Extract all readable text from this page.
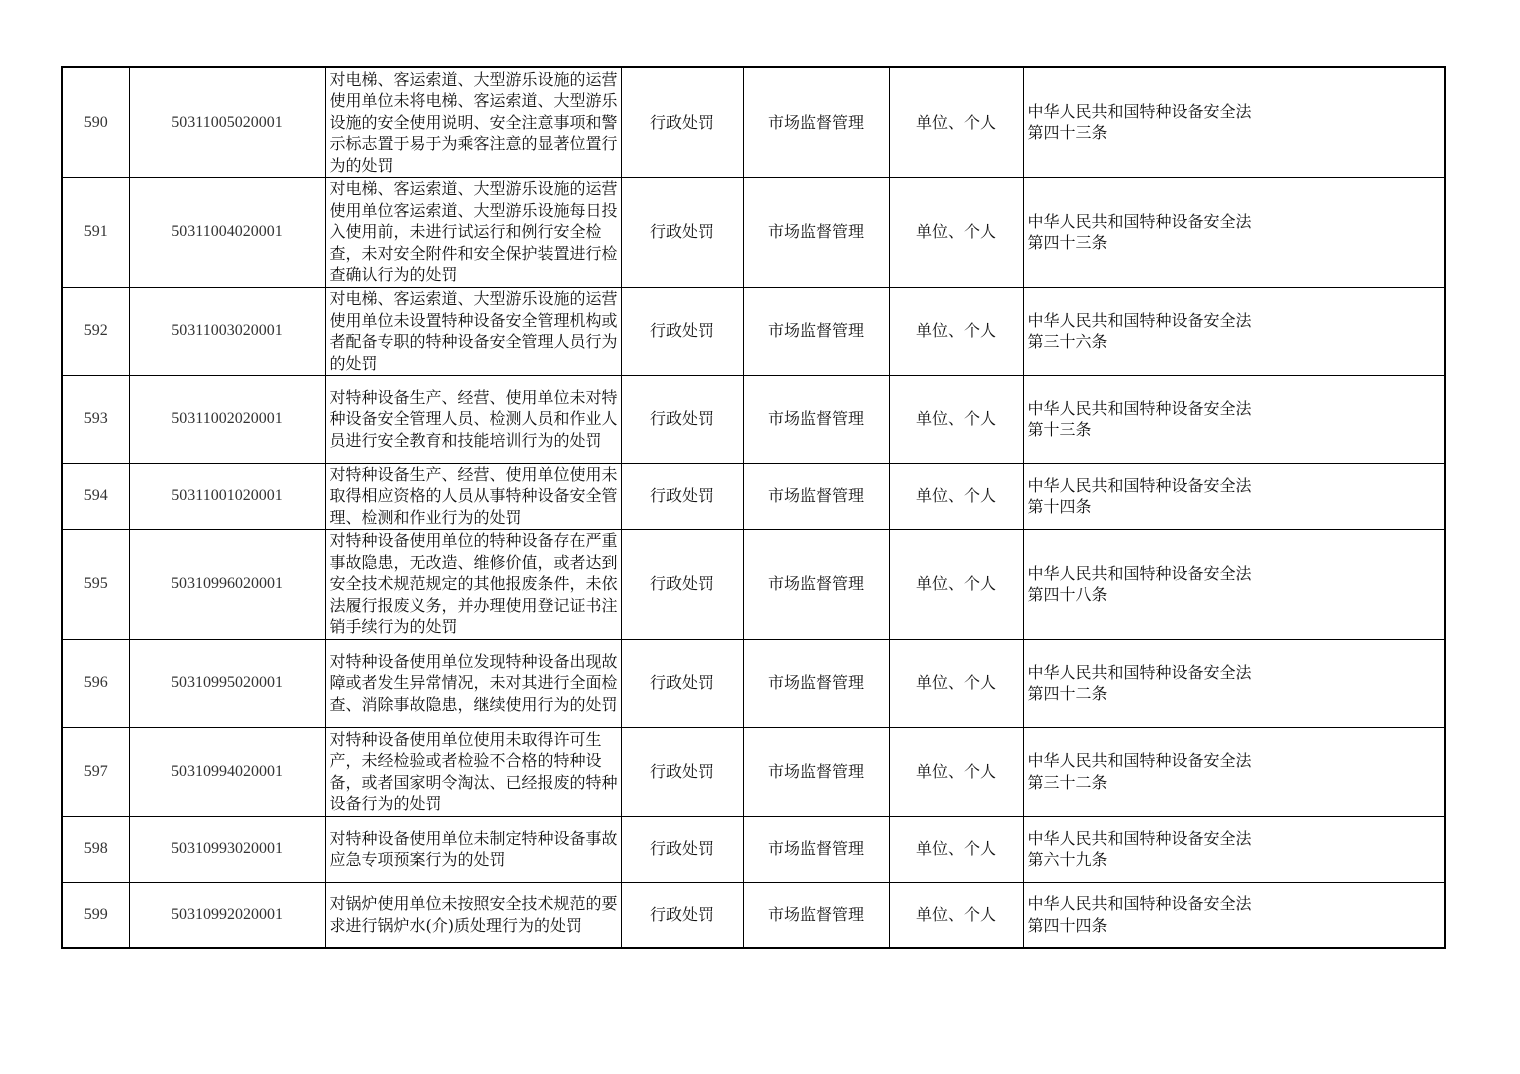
590	50311005020001	对电梯、客运索道、大型游乐设施的运营使用单位未将电梯、客运索道、大型游乐设施的安全使用说明、安全注意事项和警示标志置于易于为乘客注意的显著位置行为的处罚	行政处罚	市场监督管理	单位、个人	中华人民共和国特种设备安全法
第四十三条

591	50311004020001	对电梯、客运索道、大型游乐设施的运营使用单位客运索道、大型游乐设施每日投入使用前，未进行试运行和例行安全检查，未对安全附件和安全保护装置进行检查确认行为的处罚	行政处罚	市场监督管理	单位、个人	中华人民共和国特种设备安全法
第四十三条

592	50311003020001	对电梯、客运索道、大型游乐设施的运营使用单位未设置特种设备安全管理机构或者配备专职的特种设备安全管理人员行为的处罚	行政处罚	市场监督管理	单位、个人	中华人民共和国特种设备安全法
第三十六条

593	50311002020001	对特种设备生产、经营、使用单位未对特种设备安全管理人员、检测人员和作业人员进行安全教育和技能培训行为的处罚	行政处罚	市场监督管理	单位、个人	中华人民共和国特种设备安全法
第十三条

594	50311001020001	对特种设备生产、经营、使用单位使用未取得相应资格的人员从事特种设备安全管理、检测和作业行为的处罚	行政处罚	市场监督管理	单位、个人	中华人民共和国特种设备安全法
第十四条

595	50310996020001	对特种设备使用单位的特种设备存在严重事故隐患，无改造、维修价值，或者达到安全技术规范规定的其他报废条件，未依法履行报废义务，并办理使用登记证书注销手续行为的处罚	行政处罚	市场监督管理	单位、个人	中华人民共和国特种设备安全法
第四十八条

596	50310995020001	对特种设备使用单位发现特种设备出现故障或者发生异常情况，未对其进行全面检查、消除事故隐患，继续使用行为的处罚	行政处罚	市场监督管理	单位、个人	中华人民共和国特种设备安全法
第四十二条

597	50310994020001	对特种设备使用单位使用未取得许可生产，未经检验或者检验不合格的特种设备，或者国家明令淘汰、已经报废的特种设备行为的处罚	行政处罚	市场监督管理	单位、个人	中华人民共和国特种设备安全法
第三十二条

598	50310993020001	对特种设备使用单位未制定特种设备事故应急专项预案行为的处罚	行政处罚	市场监督管理	单位、个人	中华人民共和国特种设备安全法
第六十九条

599	50310992020001	对锅炉使用单位未按照安全技术规范的要求进行锅炉水(介)质处理行为的处罚	行政处罚	市场监督管理	单位、个人	中华人民共和国特种设备安全法
第四十四条
